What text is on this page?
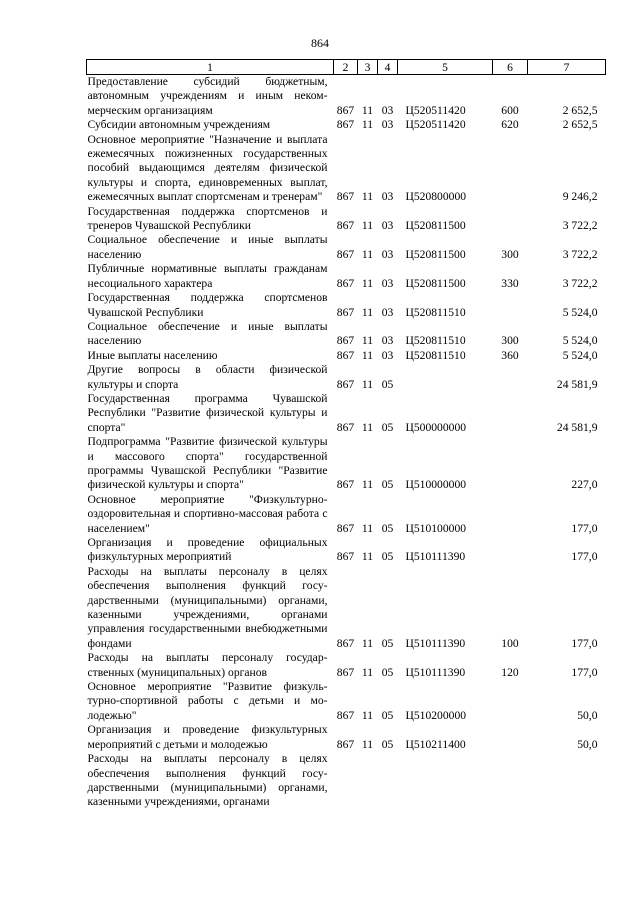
864
1	2	3	4	5	6	7
Предоставление субсидий бюджетным, автономным учреждениям и иным некоммерческим организациям	867	11	03	Ц520511420	600	2 652,5
Субсидии автономным учреждениям	867	11	03	Ц520511420	620	2 652,5
Основное мероприятие "Назначение и выплата ежемесячных пожизненных государственных пособий выдающимся деятелям физической культуры и спорта, единовременных выплат, ежемесячных выплат спортсменам и тренерам"	867	11	03	Ц520800000		9 246,2
Государственная поддержка спортсменов и тренеров Чувашской Республики	867	11	03	Ц520811500		3 722,2
Социальное обеспечение и иные выплаты населению	867	11	03	Ц520811500	300	3 722,2
Публичные нормативные выплаты гражданам несоциального характера	867	11	03	Ц520811500	330	3 722,2
Государственная поддержка спортсменов Чувашской Республики	867	11	03	Ц520811510		5 524,0
Социальное обеспечение и иные выплаты населению	867	11	03	Ц520811510	300	5 524,0
Иные выплаты населению	867	11	03	Ц520811510	360	5 524,0
Другие вопросы в области физической культуры и спорта	867	11	05			24 581,9
Государственная программа Чувашской Республики "Развитие физической культуры и спорта"	867	11	05	Ц500000000		24 581,9
Подпрограмма "Развитие физической культуры и массового спорта" государственной программы Чувашской Республики "Развитие физической культуры и спорта"	867	11	05	Ц510000000		227,0
Основное мероприятие "Физкультурно-оздоровительная и спортивно-массовая работа с населением"	867	11	05	Ц510100000		177,0
Организация и проведение официальных физкультурных мероприятий	867	11	05	Ц510111390		177,0
Расходы на выплаты персоналу в целях обеспечения выполнения функций государственными (муниципальными) органами, казенными учреждениями, органами управления государственными внебюджетными фондами	867	11	05	Ц510111390	100	177,0
Расходы на выплаты персоналу государственных (муниципальных) органов	867	11	05	Ц510111390	120	177,0
Основное мероприятие "Развитие физкультурно-спортивной работы с детьми и молодежью"	867	11	05	Ц510200000		50,0
Организация и проведение физкультурных мероприятий с детьми и молодежью	867	11	05	Ц510211400		50,0
Расходы на выплаты персоналу в целях обеспечения выполнения функций государственными (муниципальными) органами, казенными учреждениями, органами						
